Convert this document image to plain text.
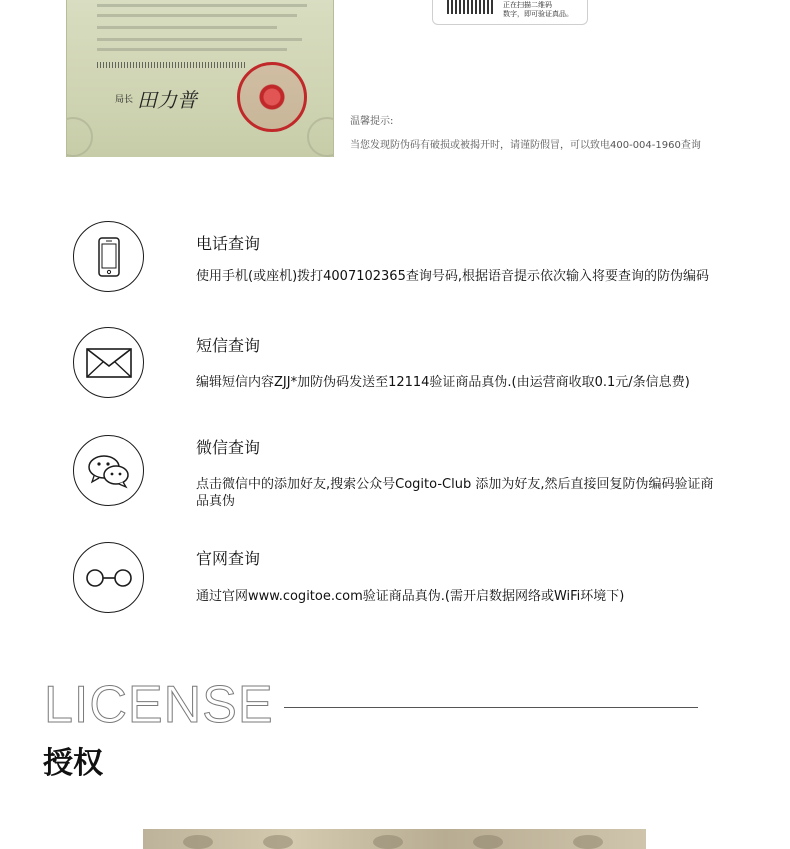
局长 田力普
正在扫描二维码
数字，即可验证真品。
温馨提示:
当您发现防伪码有破损或被揭开时，请谨防假冒，可以致电400-004-1960查询
电话查询
使用手机(或座机)拨打4007102365查询号码,根据语音提示依次输入将要查询的防伪编码
短信查询
编辑短信内容ZJJ*加防伪码发送至12114验证商品真伪.(由运营商收取0.1元/条信息费)
微信查询
点击微信中的添加好友,搜索公众号Cogito-Club 添加为好友,然后直接回复防伪编码验证商品真伪
官网查询
通过官网www.cogitoe.com验证商品真伪.(需开启数据网络或WiFi环境下)
LICENSE
授权
